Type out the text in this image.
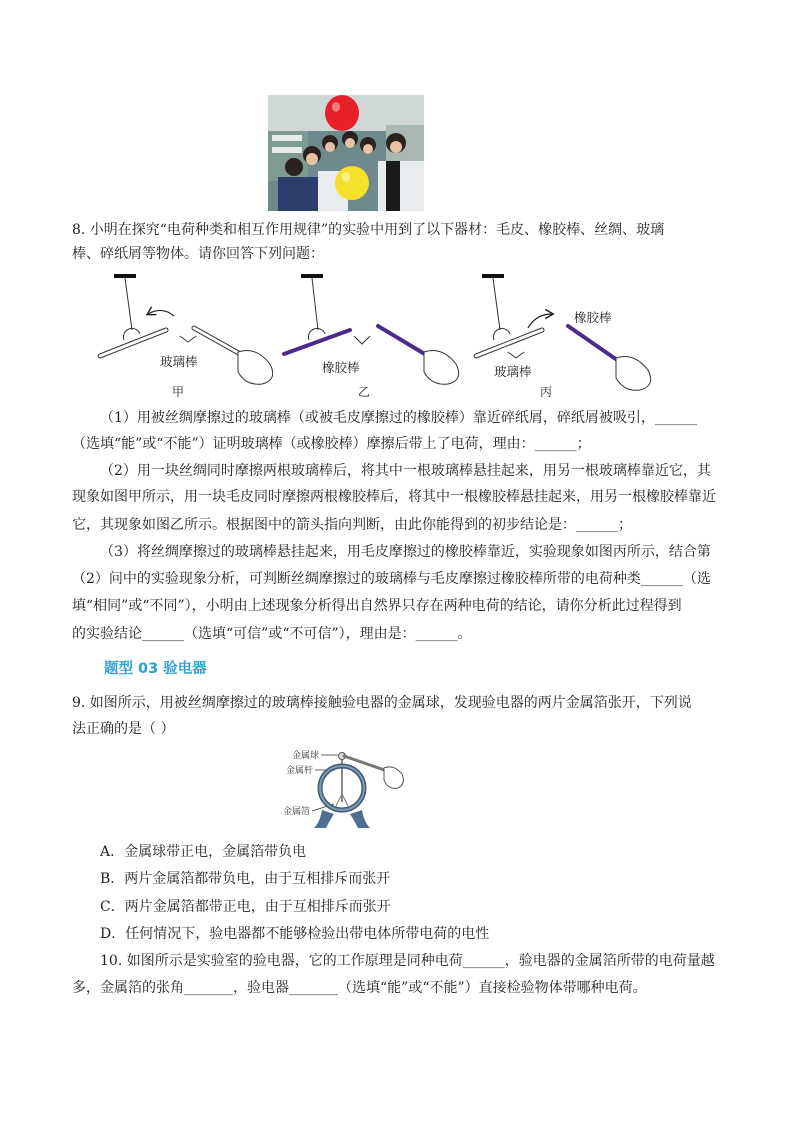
8. 小明在探究“电荷种类和相互作用规律”的实验中用到了以下器材：毛皮、橡胶棒、丝绸、玻璃
棒、碎纸屑等物体。请你回答下列问题：
玻璃棒
甲
橡胶棒
乙
橡胶棒
玻璃棒
丙
（1）用被丝绸摩擦过的玻璃棒（或被毛皮摩擦过的橡胶棒）靠近碎纸屑，碎纸屑被吸引，______
（选填“能”或“不能”）证明玻璃棒（或橡胶棒）摩擦后带上了电荷，理由：______；
（2）用一块丝绸同时摩擦两根玻璃棒后，将其中一根玻璃棒悬挂起来，用另一根玻璃棒靠近它，其
现象如图甲所示，用一块毛皮同时摩擦两根橡胶棒后，将其中一根橡胶棒悬挂起来，用另一根橡胶棒靠近
它，其现象如图乙所示。根据图中的箭头指向判断，由此你能得到的初步结论是：______；
（3）将丝绸摩擦过的玻璃棒悬挂起来，用毛皮摩擦过的橡胶棒靠近，实验现象如图丙所示，结合第
（2）问中的实验现象分析，可判断丝绸摩擦过的玻璃棒与毛皮摩擦过橡胶棒所带的电荷种类______（选
填“相同”或“不同”），小明由上述现象分析得出自然界只存在两种电荷的结论，请你分析此过程得到
的实验结论______（选填“可信”或“不可信”），理由是：______。
题型 03 验电器
9. 如图所示，用被丝绸摩擦过的玻璃棒接触验电器的金属球，发现验电器的两片金属箔张开，下列说
法正确的是（ ）
金属球
金属杆
金属箔
A．金属球带正电，金属箔带负电
B．两片金属箔都带负电，由于互相排斥而张开
C．两片金属箔都带正电，由于互相排斥而张开
D．任何情况下，验电器都不能够检验出带电体所带电荷的电性
10. 如图所示是实验室的验电器，它的工作原理是同种电荷______，验电器的金属箔所带的电荷量越
多，金属箔的张角_______，验电器_______（选填“能”或“不能”）直接检验物体带哪种电荷。
